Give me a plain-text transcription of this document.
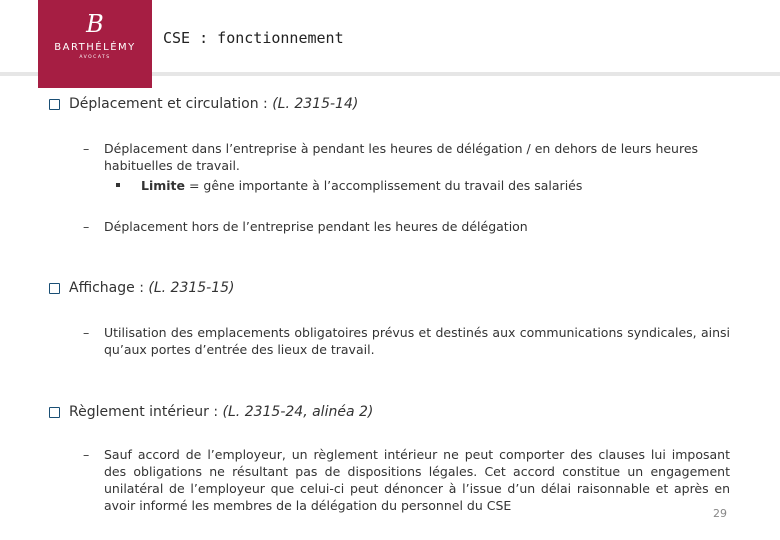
B
BARTHÉLÉMY
AVOCATS
CSE : fonctionnement
Déplacement et circulation : (L. 2315-14)
– Déplacement dans l’entreprise à pendant les heures de délégation / en dehors de leurs heures habituelles de travail.
Limite = gêne importante à l’accomplissement du travail des salariés
– Déplacement hors de l’entreprise pendant les heures de délégation
Affichage : (L. 2315-15)
– Utilisation des emplacements obligatoires prévus et destinés aux communications syndicales, ainsi qu’aux portes d’entrée des lieux de travail.
Règlement intérieur : (L. 2315-24, alinéa 2)
– Sauf accord de l’employeur, un règlement intérieur ne peut comporter des clauses lui imposant des obligations ne résultant pas de dispositions légales. Cet accord constitue un engagement unilatéral de l’employeur que celui-ci peut dénoncer à l’issue d’un délai raisonnable et après en avoir informé les membres de la délégation du personnel du CSE
29
